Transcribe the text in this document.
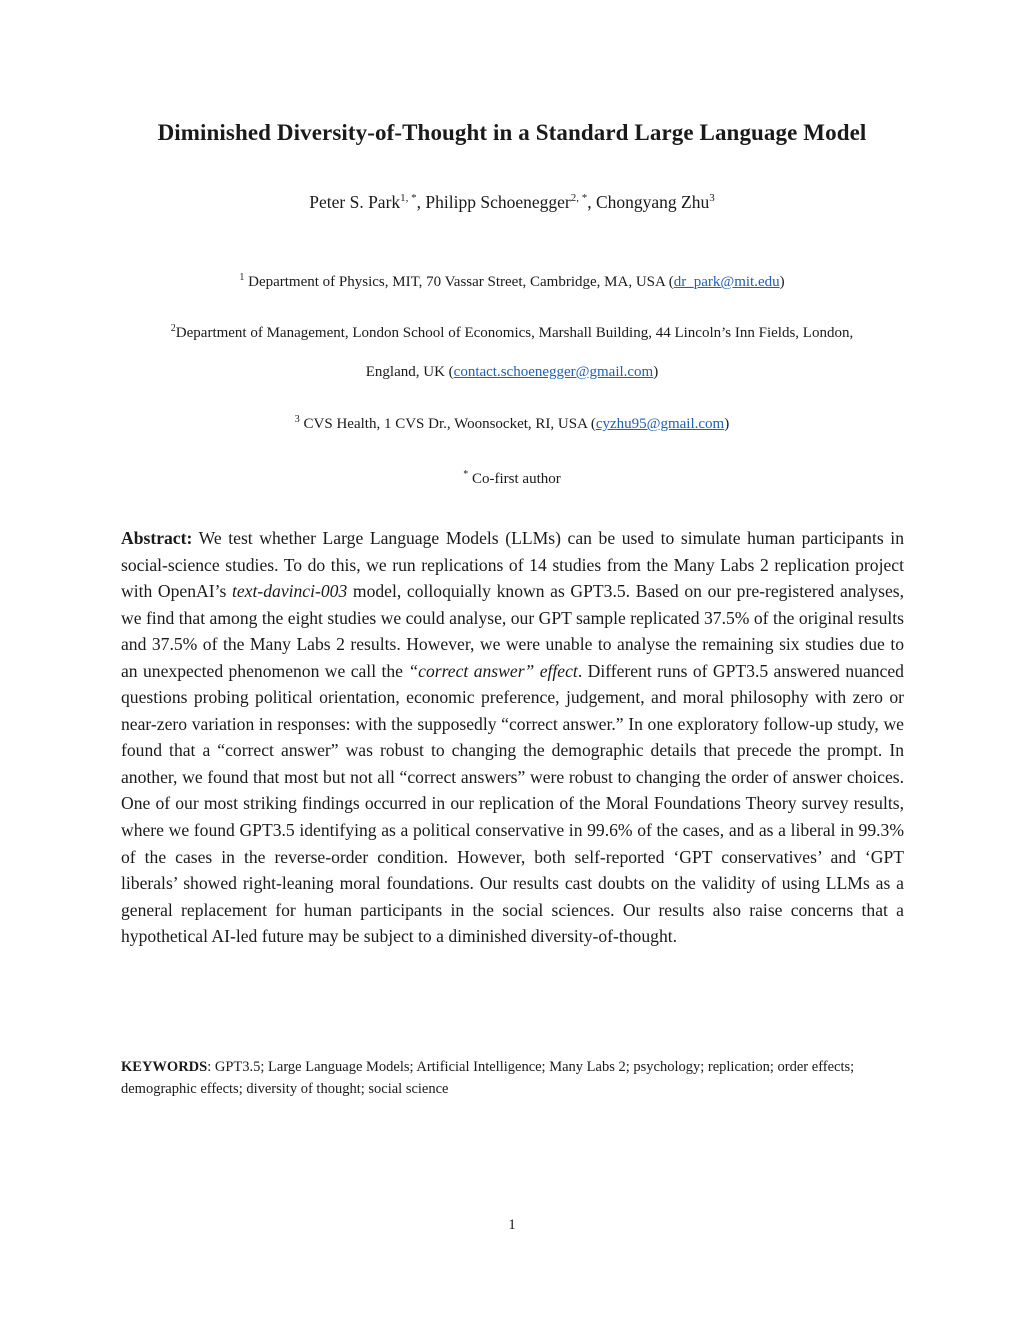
Diminished Diversity-of-Thought in a Standard Large Language Model
Peter S. Park$^{1, *}$, Philipp Schoenegger$^{2, *}$, Chongyang Zhu$^3$
$^1$ Department of Physics, MIT, 70 Vassar Street, Cambridge, MA, USA (dr_park@mit.edu)
$^2$Department of Management, London School of Economics, Marshall Building, 44 Lincoln’s Inn Fields, London,
England, UK (contact.schoenegger@gmail.com)
$^3$ CVS Health, 1 CVS Dr., Woonsocket, RI, USA (cyzhu95@gmail.com)
* Co-first author
Abstract: We test whether Large Language Models (LLMs) can be used to simulate human participants in social-science studies. To do this, we run replications of 14 studies from the Many Labs 2 replication project with OpenAI’s text-davinci-003 model, colloquially known as GPT3.5. Based on our pre-registered analyses, we find that among the eight studies we could analyse, our GPT sample replicated 37.5% of the original results and 37.5% of the Many Labs 2 results. However, we were unable to analyse the remaining six studies due to an unexpected phenomenon we call the “correct answer” effect. Different runs of GPT3.5 answered nuanced questions probing political orientation, economic preference, judgement, and moral philosophy with zero or near-zero variation in responses: with the supposedly “correct answer.” In one exploratory follow-up study, we found that a “correct answer” was robust to changing the demographic details that precede the prompt. In another, we found that most but not all “correct answers” were robust to changing the order of answer choices. One of our most striking findings occurred in our replication of the Moral Foundations Theory survey results, where we found GPT3.5 identifying as a political conservative in 99.6% of the cases, and as a liberal in 99.3% of the cases in the reverse-order condition. However, both self-reported ‘GPT conservatives’ and ‘GPT liberals’ showed right-leaning moral foundations. Our results cast doubts on the validity of using LLMs as a general replacement for human participants in the social sciences. Our results also raise concerns that a hypothetical AI-led future may be subject to a diminished diversity-of-thought.
KEYWORDS: GPT3.5; Large Language Models; Artificial Intelligence; Many Labs 2; psychology; replication; order effects; demographic effects; diversity of thought; social science
1
